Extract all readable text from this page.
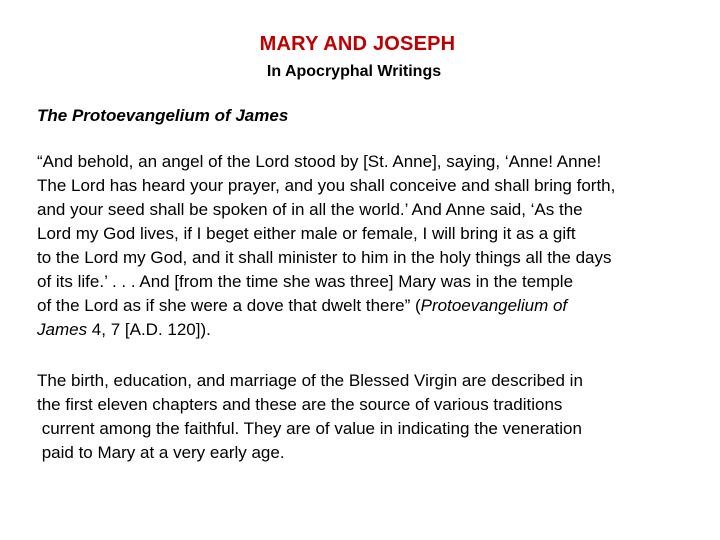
MARY AND JOSEPH
In Apocryphal Writings
The Protoevangelium of James
“And behold, an angel of the Lord stood by [St. Anne], saying, ‘Anne! Anne!
The Lord has heard your prayer, and you shall conceive and shall bring forth,
and your seed shall be spoken of in all the world.’ And Anne said, ‘As the
Lord my God lives, if I beget either male or female, I will bring it as a gift
to the Lord my God, and it shall minister to him in the holy things all the days
of its life.’ . . . And [from the time she was three] Mary was in the temple
of the Lord as if she were a dove that dwelt there” (Protoevangelium of
James 4, 7 [A.D. 120]).
The birth, education, and marriage of the Blessed Virgin are described in
the first eleven chapters and these are the source of various traditions
current among the faithful. They are of value in indicating the veneration
paid to Mary at a very early age.
